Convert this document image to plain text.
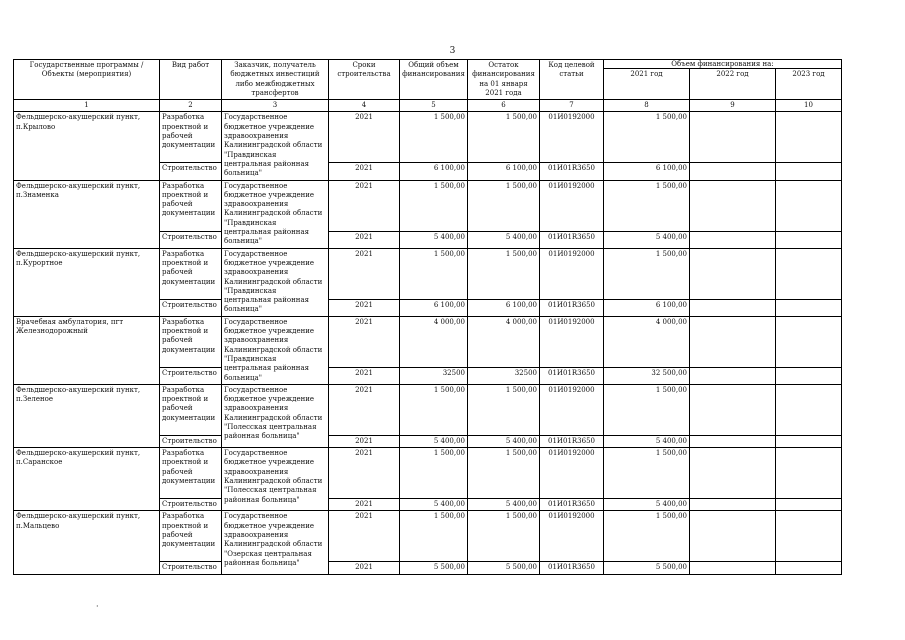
3
Государственные программы /Объекты (мероприятия)	Вид работ	Заказчик, получатель бюджетных инвестиций либо межбюджетных трансфертов	Сроки строительства	Общий объем финансирования	Остаток финансирования на 01 января 2021 года	Код целевой статьи	Объем финансирования на:		
							2021 год	2022 год	2023 год
1	2	3	4	5	6	7	8	9	10
Фельдшерско-акушерский пункт, п.Крылово	Разработка проектной и рабочей документации	Государственное бюджетное учреждение здравоохранения Калининградской области "Правдинская центральная районная больница"	2021	1 500,00	1 500,00	01И0192000	1 500,00		
	Строительство		2021	6 100,00	6 100,00	01И01R3650	6 100,00		
Фельдшерско-акушерский пункт, п.Знаменка	Разработка проектной и рабочей документации	Государственное бюджетное учреждение здравоохранения Калининградской области "Правдинская центральная районная больница"	2021	1 500,00	1 500,00	01И0192000	1 500,00		
	Строительство		2021	5 400,00	5 400,00	01И01R3650	5 400,00		
Фельдшерско-акушерский пункт, п.Курортное	Разработка проектной и рабочей документации	Государственное бюджетное учреждение здравоохранения Калининградской области "Правдинская центральная районная больница"	2021	1 500,00	1 500,00	01И0192000	1 500,00		
	Строительство		2021	6 100,00	6 100,00	01И01R3650	6 100,00		
Врачебная амбулатория, пгт Железнодорожный	Разработка проектной и рабочей документации	Государственное бюджетное учреждение здравоохранения Калининградской области "Правдинская центральная районная больница"	2021	4 000,00	4 000,00	01И0192000	4 000,00		
	Строительство		2021	32500	32500	01И01R3650	32 500,00		
Фельдшерско-акушерский пункт, п.Зеленое	Разработка проектной и рабочей документации	Государственное бюджетное учреждение здравоохранения Калининградской области "Полесская центральная районная больница"	2021	1 500,00	1 500,00	01И0192000	1 500,00		
	Строительство		2021	5 400,00	5 400,00	01И01R3650	5 400,00		
Фельдшерско-акушерский пункт, п.Саранское	Разработка проектной и рабочей документации	Государственное бюджетное учреждение здравоохранения Калининградской области "Полесская центральная районная больница"	2021	1 500,00	1 500,00	01И0192000	1 500,00		
	Строительство		2021	5 400,00	5 400,00	01И01R3650	5 400,00		
Фельдшерско-акушерский пункт, п.Мальцево	Разработка проектной и рабочей документации	Государственное бюджетное учреждение здравоохранения Калининградской области "Озерская центральная районная больница"	2021	1 500,00	1 500,00	01И0192000	1 500,00		
	Строительство		2021	5 500,00	5 500,00	01И01R3650	5 500,00		
·
